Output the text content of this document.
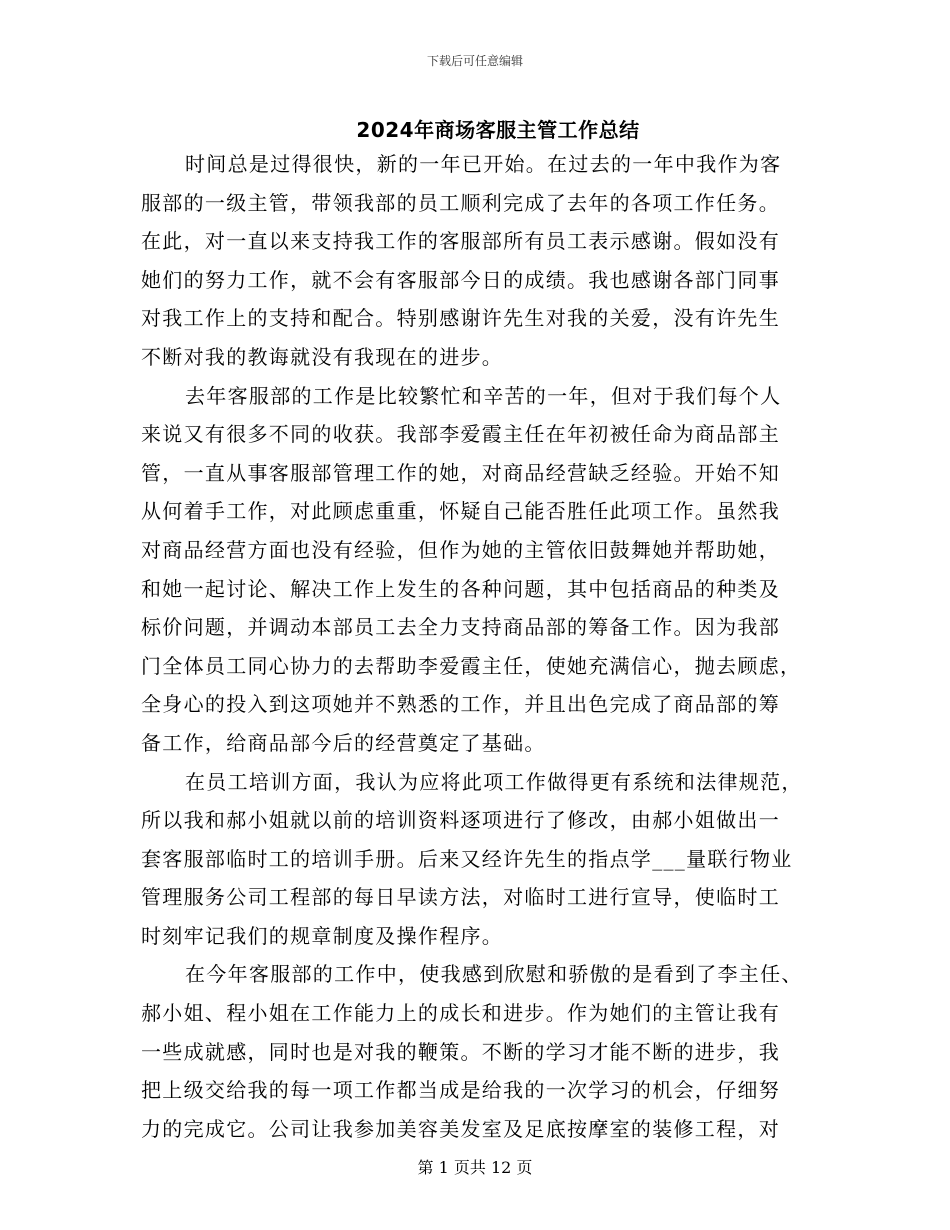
下载后可任意编辑
2024年商场客服主管工作总结
时间总是过得很快，新的一年已开始。在过去的一年中我作为客
服部的一级主管，带领我部的员工顺利完成了去年的各项工作任务。
在此，对一直以来支持我工作的客服部所有员工表示感谢。假如没有
她们的努力工作，就不会有客服部今日的成绩。我也感谢各部门同事
对我工作上的支持和配合。特别感谢许先生对我的关爱，没有许先生
不断对我的教诲就没有我现在的进步。
去年客服部的工作是比较繁忙和辛苦的一年，但对于我们每个人
来说又有很多不同的收获。我部李爱霞主任在年初被任命为商品部主
管，一直从事客服部管理工作的她，对商品经营缺乏经验。开始不知
从何着手工作，对此顾虑重重，怀疑自己能否胜任此项工作。虽然我
对商品经营方面也没有经验，但作为她的主管依旧鼓舞她并帮助她，
和她一起讨论、解决工作上发生的各种问题，其中包括商品的种类及
标价问题，并调动本部员工去全力支持商品部的筹备工作。因为我部
门全体员工同心协力的去帮助李爱霞主任，使她充满信心，抛去顾虑，
全身心的投入到这项她并不熟悉的工作，并且出色完成了商品部的筹
备工作，给商品部今后的经营奠定了基础。
在员工培训方面，我认为应将此项工作做得更有系统和法律规范，
所以我和郝小姐就以前的培训资料逐项进行了修改，由郝小姐做出一
套客服部临时工的培训手册。后来又经许先生的指点学___量联行物业
管理服务公司工程部的每日早读方法，对临时工进行宣导，使临时工
时刻牢记我们的规章制度及操作程序。
在今年客服部的工作中，使我感到欣慰和骄傲的是看到了李主任、
郝小姐、程小姐在工作能力上的成长和进步。作为她们的主管让我有
一些成就感，同时也是对我的鞭策。不断的学习才能不断的进步，我
把上级交给我的每一项工作都当成是给我的一次学习的机会，仔细努
力的完成它。公司让我参加美容美发室及足底按摩室的装修工程，对
第 1 页共 12 页
